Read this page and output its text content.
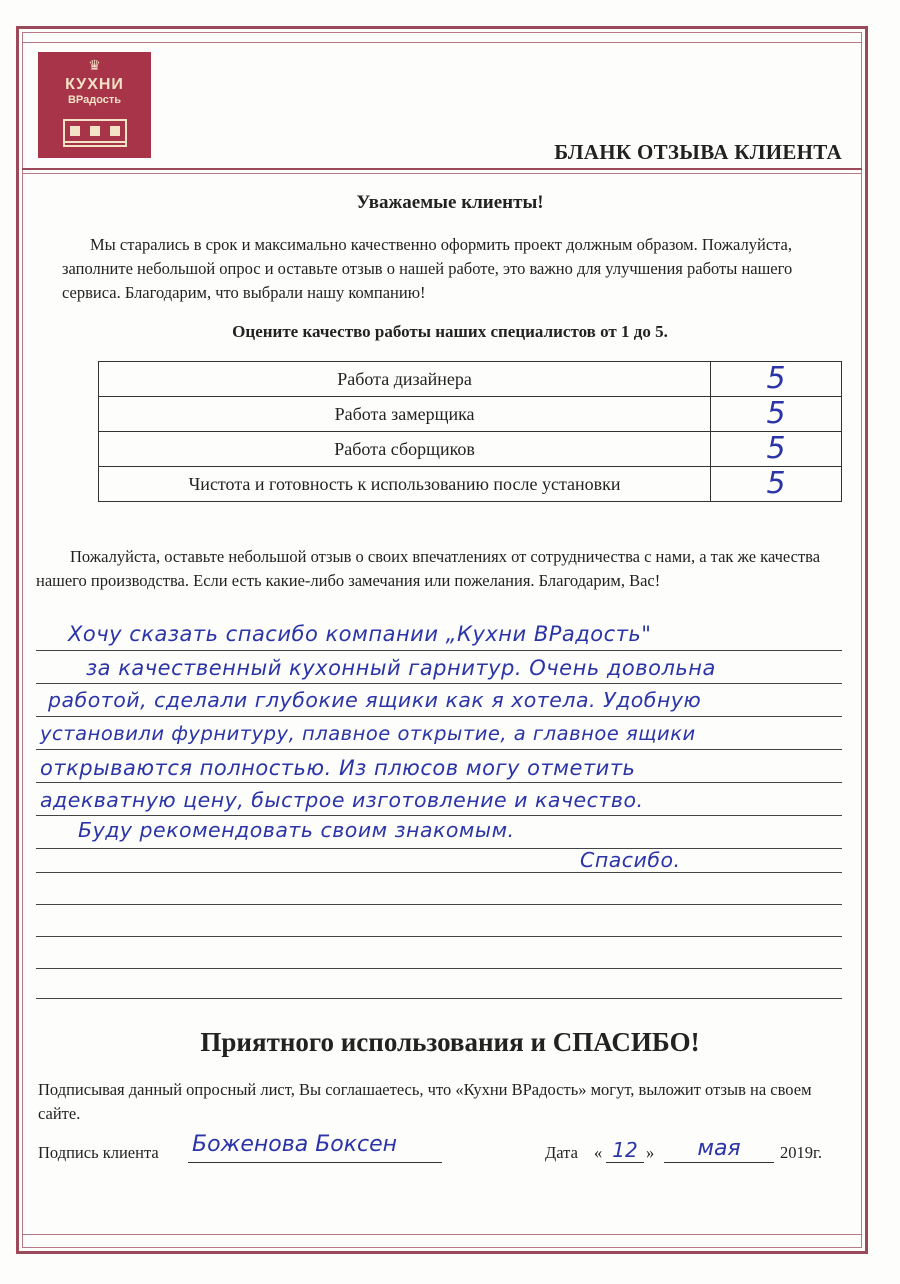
♛
КУХНИ
ВРадость
БЛАНК ОТЗЫВА КЛИЕНТА
Уважаемые клиенты!
Мы старались в срок и максимально качественно оформить проект должным образом. Пожалуйста, заполните небольшой опрос и оставьте отзыв о нашей работе, это важно для улучшения работы нашего сервиса. Благодарим, что выбрали нашу компанию!
Оцените качество работы наших специалистов от 1 до 5.
Работа дизайнера	5
Работа замерщика	5
Работа сборщиков	5
Чистота и готовность к использованию после установки	5
Пожалуйста, оставьте небольшой отзыв о своих впечатлениях от сотрудничества с нами, а так же качества нашего производства. Если есть какие-либо замечания или пожелания. Благодарим, Вас!
Хочу сказать спасибо компании „Кухни ВРадость"
за качественный кухонный гарнитур. Очень довольна
работой, сделали глубокие ящики как я хотела. Удобную
установили фурнитуру, плавное открытие, а главное ящики
открываются полностью. Из плюсов могу отметить
адекватную цену, быстрое изготовление и качество.
Буду рекомендовать своим знакомым.
Спасибо.
Приятного использования и СПАСИБО!
Подписывая данный опросный лист, Вы соглашаетесь, что «Кухни ВРадость» могут, выложит отзыв на своем сайте.
Подпись клиента Боженова Боксен	Дата « 12 »	мая	2019г.
